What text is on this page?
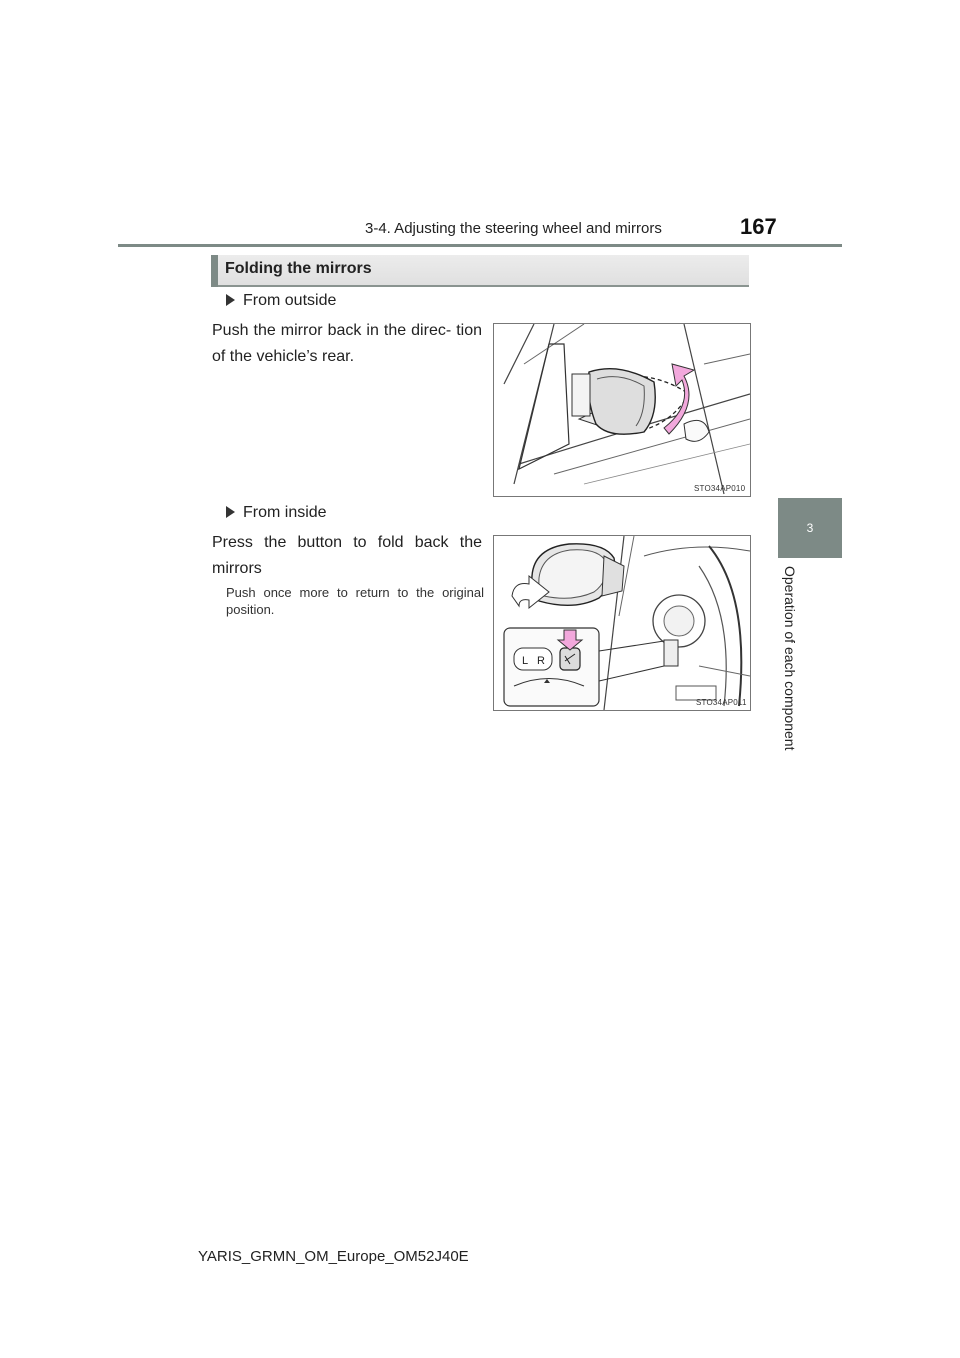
3-4. Adjusting the steering wheel and mirrors	167
3
Operation of each component
Folding the mirrors
From outside
Push the mirror back in the direc- tion of the vehicle’s rear.
STO34AP010
From inside
Press the button to fold back the mirrors
Push once more to return to the original position.
L R
STO34AP011
YARIS_GRMN_OM_Europe_OM52J40E
